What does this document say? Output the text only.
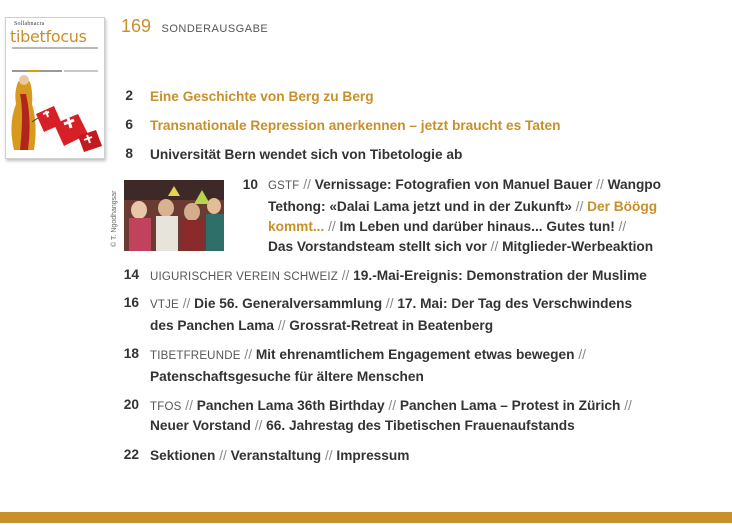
Sollabnacra
tibetfocus
169 SONDERAUSGABE
2 Eine Geschichte von Berg zu Berg
6 Transnationale Repression anerkennen – jetzt braucht es Taten
8 Universität Bern wendet sich von Tibetologie ab
© T. Ngodhangsar
10 GSTF // Vernissage: Fotografien von Manuel Bauer // Wangpo
Tethong: «Dalai Lama jetzt und in der Zukunft» // Der Böögg
kommt... // Im Leben und darüber hinaus... Gutes tun! //
Das Vorstandsteam stellt sich vor // Mitglieder-Werbeaktion
14 UIGURISCHER VEREIN SCHWEIZ // 19.-Mai-Ereignis: Demonstration der Muslime
16 VTJE // Die 56. Generalversammlung // 17. Mai: Der Tag des Verschwindens
des Panchen Lama // Grossrat-Retreat in Beatenberg
18 TIBETFREUNDE // Mit ehrenamtlichem Engagement etwas bewegen //
Patenschaftsgesuche für ältere Menschen
20 TFOS // Panchen Lama 36th Birthday // Panchen Lama – Protest in Zürich //
Neuer Vorstand // 66. Jahrestag des Tibetischen Frauenaufstands
22 Sektionen // Veranstaltung // Impressum
